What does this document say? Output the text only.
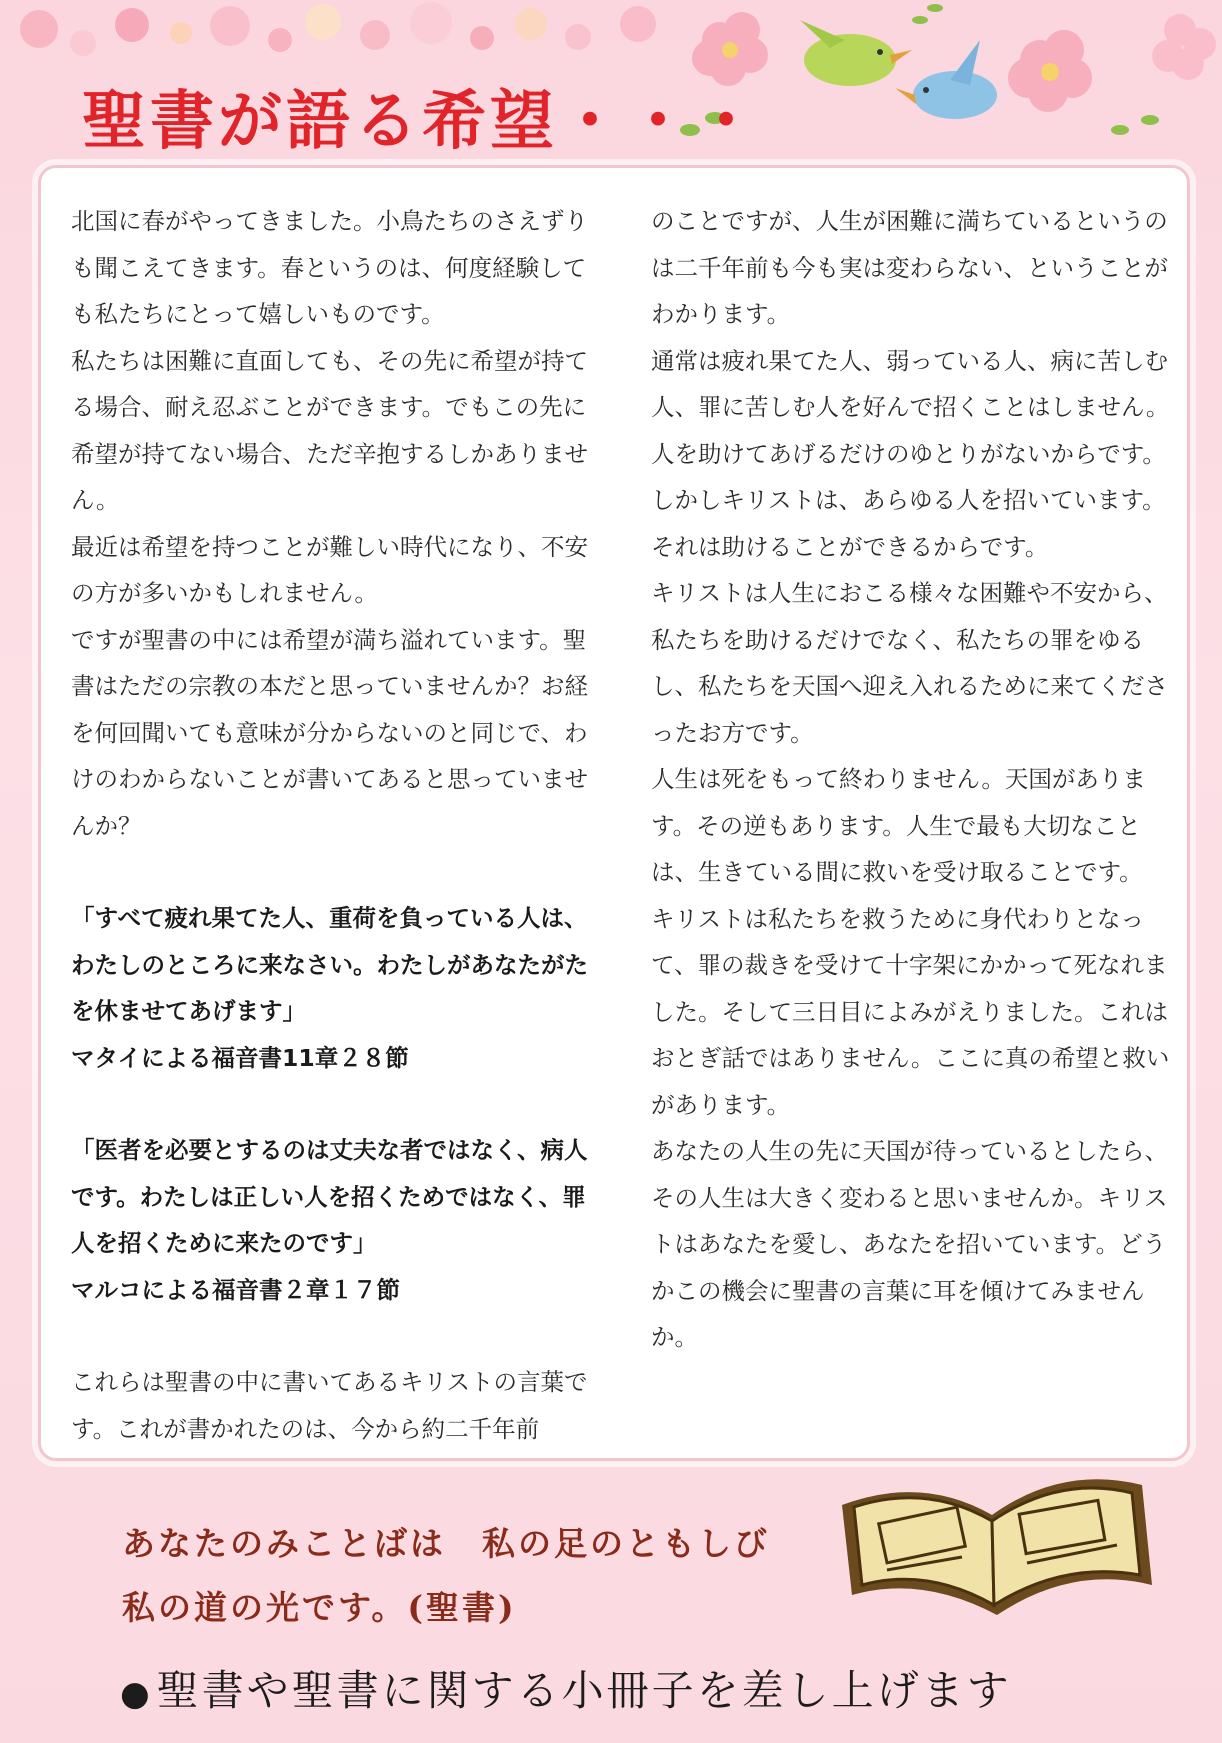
聖書が語る希望・・・

北国に春がやってきました。小鳥たちのさえずりも聞こえてきます。春というのは、何度経験しても私たちにとって嬉しいものです。

私たちは困難に直面しても、その先に希望が持てる場合、耐え忍ぶことができます。でもこの先に希望が持てない場合、ただ辛抱するしかありません。

最近は希望を持つことが難しい時代になり、不安の方が多いかもしれません。

ですが聖書の中には希望が満ち溢れています。聖書はただの宗教の本だと思っていませんか？お経を何回聞いても意味が分からないのと同じで、わけのわからないことが書いてあると思っていませんか？

「すべて疲れ果てた人、重荷を負っている人は、わたしのところに来なさい。わたしがあなたがたを休ませてあげます」

マタイによる福音書11章２８節

「医者を必要とするのは丈夫な者ではなく、病人です。わたしは正しい人を招くためではなく、罪人を招くために来たのです」

マルコによる福音書２章１７節

これらは聖書の中に書いてあるキリストの言葉です。これが書かれたのは、今から約二千年前

のことですが、人生が困難に満ちているというのは二千年前も今も実は変わらない、ということがわかります。

通常は疲れ果てた人、弱っている人、病に苦しむ人、罪に苦しむ人を好んで招くことはしません。人を助けてあげるだけのゆとりがないからです。しかしキリストは、あらゆる人を招いています。それは助けることができるからです。

キリストは人生におこる様々な困難や不安から、私たちを助けるだけでなく、私たちの罪をゆるし、私たちを天国へ迎え入れるために来てくださったお方です。

人生は死をもって終わりません。天国があります。その逆もあります。人生で最も大切なことは、生きている間に救いを受け取ることです。

キリストは私たちを救うために身代わりとなって、罪の裁きを受けて十字架にかかって死なれました。そして三日目によみがえりました。これはおとぎ話ではありません。ここに真の希望と救いがあります。

あなたの人生の先に天国が待っているとしたら、その人生は大きく変わると思いませんか。キリストはあなたを愛し、あなたを招いています。どうかこの機会に聖書の言葉に耳を傾けてみませんか。

あなたのみことばは　私の足のともしび
私の道の光です。(聖書)
●聖書や聖書に関する小冊子を差し上げます
